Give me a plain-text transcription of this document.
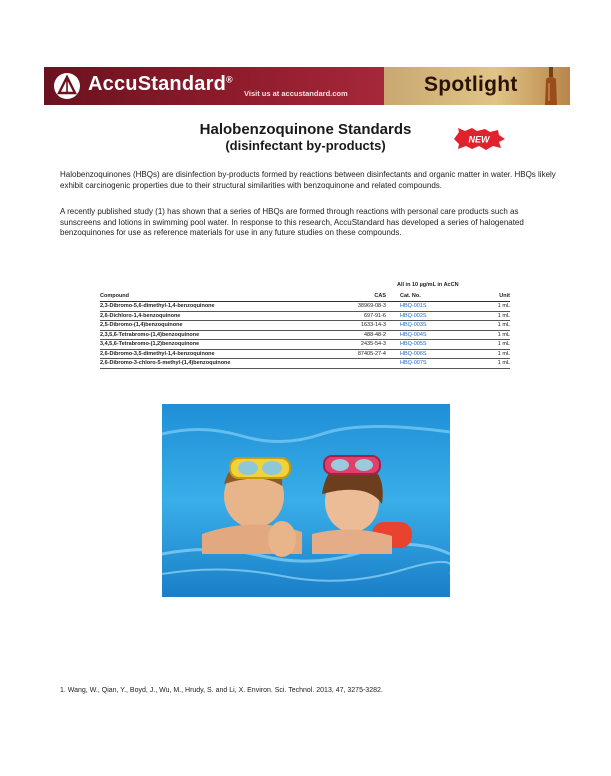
AccuStandard®
Visit us at accustandard.com	Spotlight
Halobenzoquinone Standards
(disinfectant by-products)	NEW

Halobenzoquinones (HBQs) are disinfection by-products formed by reactions between disinfectants and organic matter in water. HBQs likely exhibit carcinogenic properties due to their structural similarities with benzoquinone and related compounds.

A recently published study (1) has shown that a series of HBQs are formed through reactions with personal care products such as sunscreens and lotions in swimming pool water. In response to this research, AccuStandard has developed a series of halogenated benzoquinones for use as reference materials for use in any future studies on these compounds.

All in 10 µg/mL in AcCN
Compound	CAS	Cat. No.	Unit
2,3-Dibromo-5,6-dimethyl-1,4-benzoquinone	38969-08-3	HBQ-001S	1 mL
2,6-Dichloro-1,4-benzoquinone	697-91-6	HBQ-002S	1 mL
2,5-Dibromo-(1,4)benzoquinone	1633-14-3	HBQ-003S	1 mL
2,3,5,6-Tetrabromo-(1,4)benzoquinone	488-48-2	HBQ-004S	1 mL
3,4,5,6-Tetrabromo-(1,2)benzoquinone	2435-54-3	HBQ-005S	1 mL
2,6-Dibromo-3,5-dimethyl-1,4-benzoquinone	87405-27-4	HBQ-006S	1 mL
2,6-Dibromo-3-chloro-5-methyl-(1,4)benzoquinone		HBQ-007S	1 mL
1. Wang, W., Qian, Y., Boyd, J., Wu, M., Hrudy, S. and Li, X. Environ. Sci. Technol. 2013, 47, 3275-3282.
